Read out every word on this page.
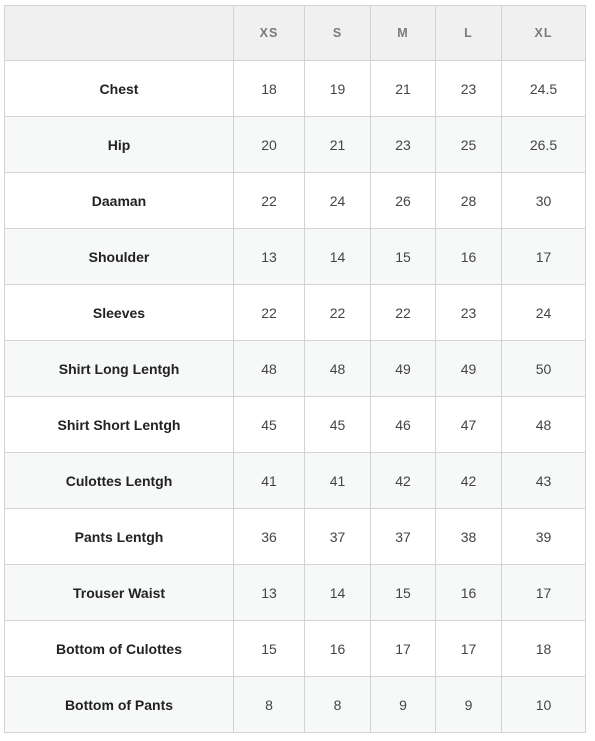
	XS	S	M	L	XL
Chest	18	19	21	23	24.5
Hip	20	21	23	25	26.5
Daaman	22	24	26	28	30
Shoulder	13	14	15	16	17
Sleeves	22	22	22	23	24
Shirt Long Lentgh	48	48	49	49	50
Shirt Short Lentgh	45	45	46	47	48
Culottes Lentgh	41	41	42	42	43
Pants Lentgh	36	37	37	38	39
Trouser Waist	13	14	15	16	17
Bottom of Culottes	15	16	17	17	18
Bottom of Pants	8	8	9	9	10
